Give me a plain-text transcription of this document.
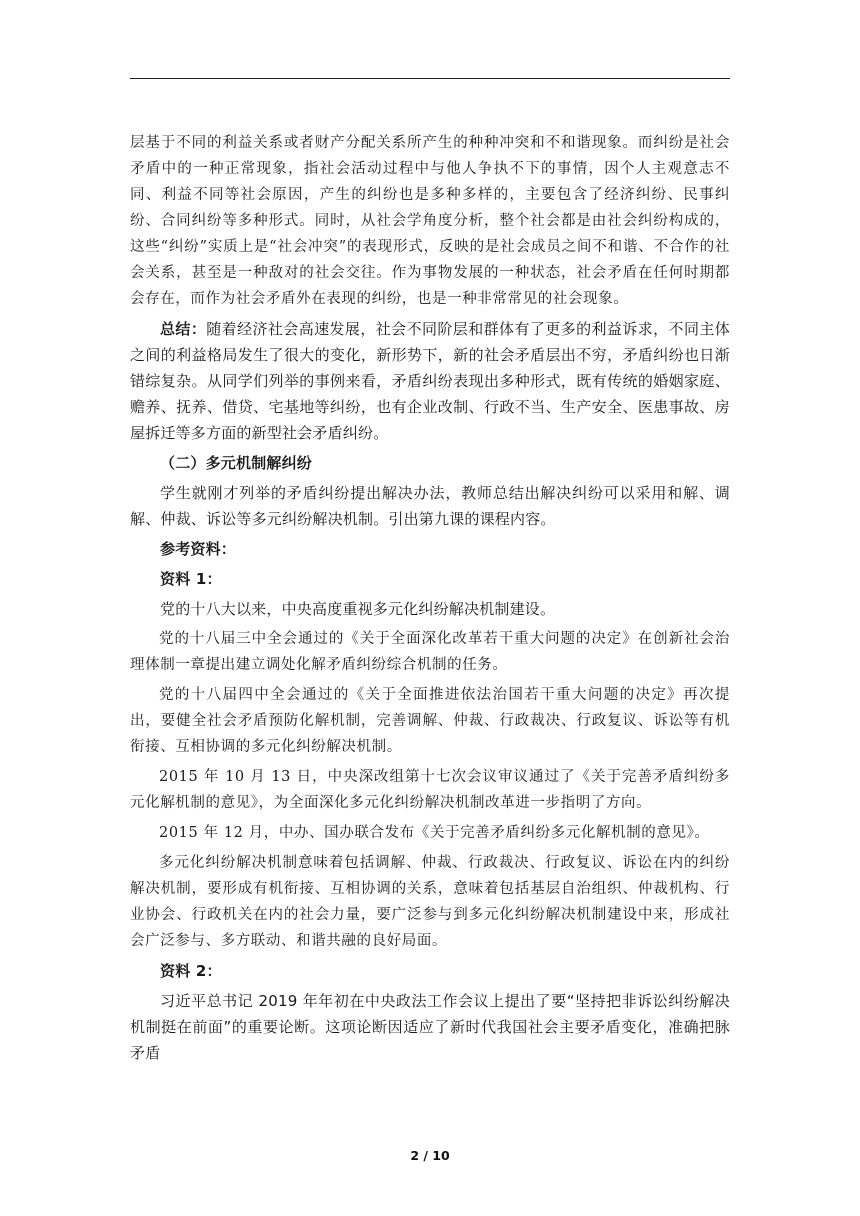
层基于不同的利益关系或者财产分配关系所产生的种种冲突和不和谐现象。而纠纷是社会矛盾中的一种正常现象，指社会活动过程中与他人争执不下的事情，因个人主观意志不同、利益不同等社会原因，产生的纠纷也是多种多样的，主要包含了经济纠纷、民事纠纷、合同纠纷等多种形式。同时，从社会学角度分析，整个社会都是由社会纠纷构成的，这些“纠纷”实质上是“社会冲突”的表现形式，反映的是社会成员之间不和谐、不合作的社会关系，甚至是一种敌对的社会交往。作为事物发展的一种状态，社会矛盾在任何时期都会存在，而作为社会矛盾外在表现的纠纷，也是一种非常常见的社会现象。

总结：随着经济社会高速发展，社会不同阶层和群体有了更多的利益诉求，不同主体之间的利益格局发生了很大的变化，新形势下，新的社会矛盾层出不穷，矛盾纠纷也日渐错综复杂。从同学们列举的事例来看，矛盾纠纷表现出多种形式，既有传统的婚姻家庭、赡养、抚养、借贷、宅基地等纠纷，也有企业改制、行政不当、生产安全、医患事故、房屋拆迁等多方面的新型社会矛盾纠纷。

（二）多元机制解纠纷

学生就刚才列举的矛盾纠纷提出解决办法，教师总结出解决纠纷可以采用和解、调解、仲裁、诉讼等多元纠纷解决机制。引出第九课的课程内容。

参考资料：

资料 1：

党的十八大以来，中央高度重视多元化纠纷解决机制建设。

党的十八届三中全会通过的《关于全面深化改革若干重大问题的决定》在创新社会治理体制一章提出建立调处化解矛盾纠纷综合机制的任务。

党的十八届四中全会通过的《关于全面推进依法治国若干重大问题的决定》再次提出，要健全社会矛盾预防化解机制，完善调解、仲裁、行政裁决、行政复议、诉讼等有机衔接、互相协调的多元化纠纷解决机制。

2015 年 10 月 13 日，中央深改组第十七次会议审议通过了《关于完善矛盾纠纷多元化解机制的意见》，为全面深化多元化纠纷解决机制改革进一步指明了方向。

2015 年 12 月，中办、国办联合发布《关于完善矛盾纠纷多元化解机制的意见》。

多元化纠纷解决机制意味着包括调解、仲裁、行政裁决、行政复议、诉讼在内的纠纷解决机制，要形成有机衔接、互相协调的关系，意味着包括基层自治组织、仲裁机构、行业协会、行政机关在内的社会力量，要广泛参与到多元化纠纷解决机制建设中来，形成社会广泛参与、多方联动、和谐共融的良好局面。

资料 2：

习近平总书记 2019 年年初在中央政法工作会议上提出了要“坚持把非诉讼纠纷解决机制挺在前面”的重要论断。这项论断因适应了新时代我国社会主要矛盾变化，准确把脉矛盾

2 / 10
